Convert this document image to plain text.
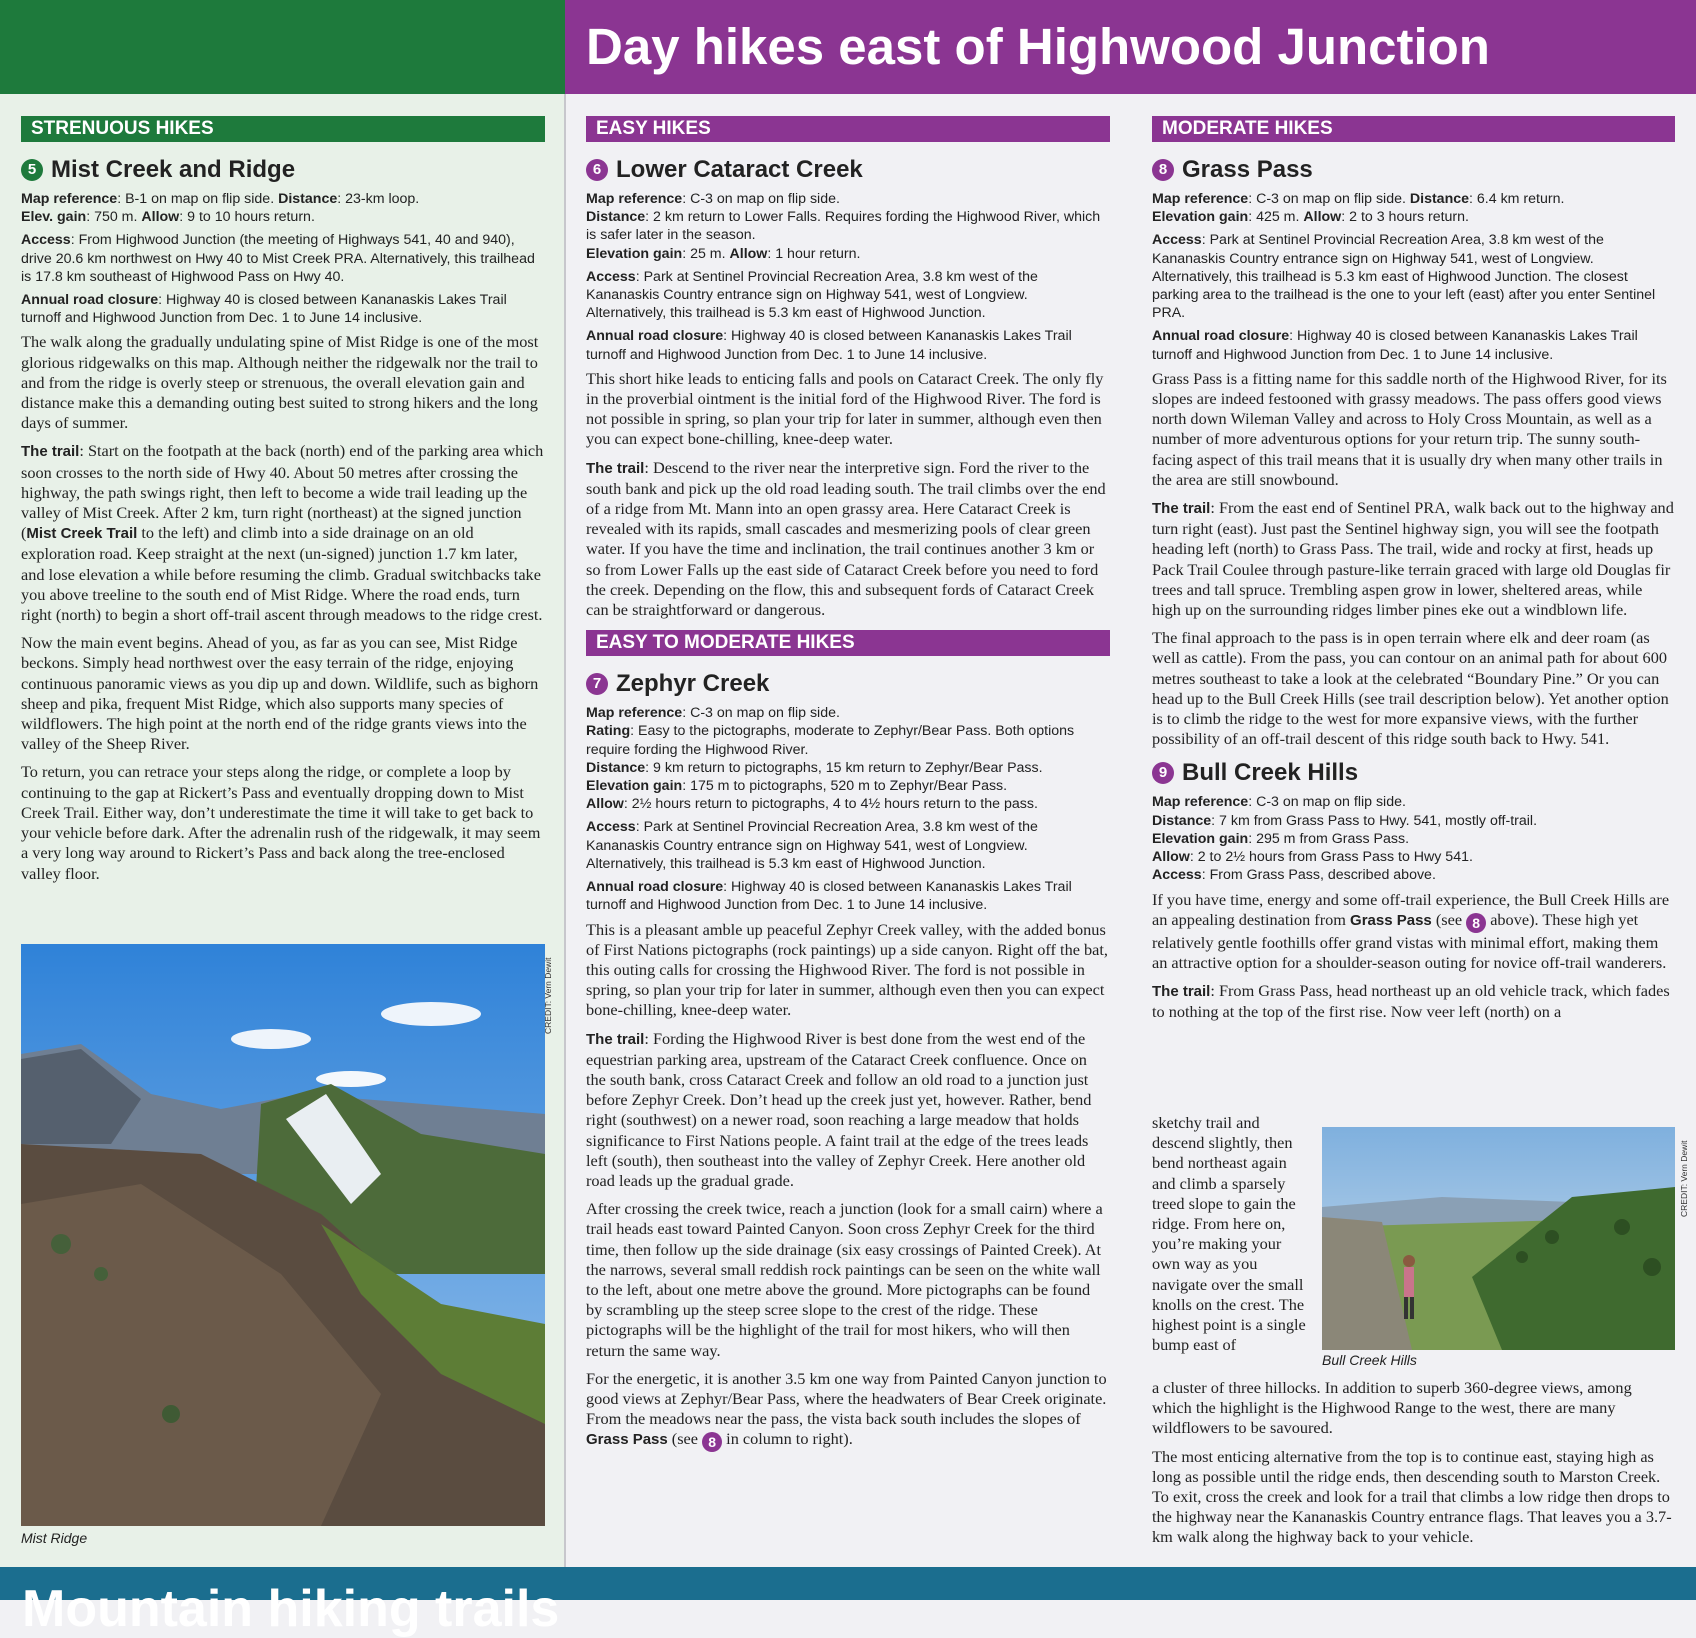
Day hikes east of Highwood Junction
STRENUOUS HIKES
5 Mist Creek and Ridge

Map reference: B-1 on map on flip side. Distance: 23-km loop.
Elev. gain: 750 m. Allow: 9 to 10 hours return.

Access: From Highwood Junction (the meeting of Highways 541, 40 and 940), drive 20.6 km northwest on Hwy 40 to Mist Creek PRA. Alternatively, this trailhead is 17.8 km southeast of Highwood Pass on Hwy 40.

Annual road closure: Highway 40 is closed between Kananaskis Lakes Trail turnoff and Highwood Junction from Dec. 1 to June 14 inclusive.

The walk along the gradually undulating spine of Mist Ridge is one of the most glorious ridgewalks on this map. Although neither the ridgewalk nor the trail to and from the ridge is overly steep or strenuous, the overall elevation gain and distance make this a demanding outing best suited to strong hikers and the long days of summer.

The trail: Start on the footpath at the back (north) end of the parking area which soon crosses to the north side of Hwy 40. About 50 metres after crossing the highway, the path swings right, then left to become a wide trail leading up the valley of Mist Creek. After 2 km, turn right (northeast) at the signed junction (Mist Creek Trail to the left) and climb into a side drainage on an old exploration road. Keep straight at the next (un-signed) junction 1.7 km later, and lose elevation a while before resuming the climb. Gradual switchbacks take you above treeline to the south end of Mist Ridge. Where the road ends, turn right (north) to begin a short off-trail ascent through meadows to the ridge crest.

Now the main event begins. Ahead of you, as far as you can see, Mist Ridge beckons. Simply head northwest over the easy terrain of the ridge, enjoying continuous panoramic views as you dip up and down. Wildlife, such as bighorn sheep and pika, frequent Mist Ridge, which also supports many species of wildflowers. The high point at the north end of the ridge grants views into the valley of the Sheep River.

To return, you can retrace your steps along the ridge, or complete a loop by continuing to the gap at Rickert’s Pass and eventually dropping down to Mist Creek Trail. Either way, don’t underestimate the time it will take to get back to your vehicle before dark. After the adrenalin rush of the ridgewalk, it may seem a very long way around to Rickert’s Pass and back along the tree-enclosed valley floor.

CREDIT: Vern Dewit
Mist Ridge
EASY HIKES
6 Lower Cataract Creek

Map reference: C-3 on map on flip side.
Distance: 2 km return to Lower Falls. Requires fording the Highwood River, which is safer later in the season.
Elevation gain: 25 m. Allow: 1 hour return.

Access: Park at Sentinel Provincial Recreation Area, 3.8 km west of the Kananaskis Country entrance sign on Highway 541, west of Longview. Alternatively, this trailhead is 5.3 km east of Highwood Junction.

Annual road closure: Highway 40 is closed between Kananaskis Lakes Trail turnoff and Highwood Junction from Dec. 1 to June 14 inclusive.

This short hike leads to enticing falls and pools on Cataract Creek. The only fly in the proverbial ointment is the initial ford of the Highwood River. The ford is not possible in spring, so plan your trip for later in summer, although even then you can expect bone-chilling, knee-deep water.

The trail: Descend to the river near the interpretive sign. Ford the river to the south bank and pick up the old road leading south. The trail climbs over the end of a ridge from Mt. Mann into an open grassy area. Here Cataract Creek is revealed with its rapids, small cascades and mesmerizing pools of clear green water. If you have the time and inclination, the trail continues another 3 km or so from Lower Falls up the east side of Cataract Creek before you need to ford the creek. Depending on the flow, this and subsequent fords of Cataract Creek can be straightforward or dangerous.

EASY TO MODERATE HIKES
7 Zephyr Creek

Map reference: C-3 on map on flip side.
Rating: Easy to the pictographs, moderate to Zephyr/Bear Pass. Both options require fording the Highwood River.
Distance: 9 km return to pictographs, 15 km return to Zephyr/Bear Pass.
Elevation gain: 175 m to pictographs, 520 m to Zephyr/Bear Pass.
Allow: 2½ hours return to pictographs, 4 to 4½ hours return to the pass.

Access: Park at Sentinel Provincial Recreation Area, 3.8 km west of the Kananaskis Country entrance sign on Highway 541, west of Longview. Alternatively, this trailhead is 5.3 km east of Highwood Junction.

Annual road closure: Highway 40 is closed between Kananaskis Lakes Trail turnoff and Highwood Junction from Dec. 1 to June 14 inclusive.

This is a pleasant amble up peaceful Zephyr Creek valley, with the added bonus of First Nations pictographs (rock paintings) up a side canyon. Right off the bat, this outing calls for crossing the Highwood River. The ford is not possible in spring, so plan your trip for later in summer, although even then you can expect bone-chilling, knee-deep water.

The trail: Fording the Highwood River is best done from the west end of the equestrian parking area, upstream of the Cataract Creek confluence. Once on the south bank, cross Cataract Creek and follow an old road to a junction just before Zephyr Creek. Don’t head up the creek just yet, however. Rather, bend right (southwest) on a newer road, soon reaching a large meadow that holds significance to First Nations people. A faint trail at the edge of the trees leads left (south), then southeast into the valley of Zephyr Creek. Here another old road leads up the gradual grade.

After crossing the creek twice, reach a junction (look for a small cairn) where a trail heads east toward Painted Canyon. Soon cross Zephyr Creek for the third time, then follow up the side drainage (six easy crossings of Painted Creek). At the narrows, several small reddish rock paintings can be seen on the white wall to the left, about one metre above the ground. More pictographs can be found by scrambling up the steep scree slope to the crest of the ridge. These pictographs will be the highlight of the trail for most hikers, who will then return the same way.

For the energetic, it is another 3.5 km one way from Painted Canyon junction to good views at Zephyr/Bear Pass, where the headwaters of Bear Creek originate. From the meadows near the pass, the vista back south includes the slopes of Grass Pass (see 8 in column to right).

MODERATE HIKES
8 Grass Pass

Map reference: C-3 on map on flip side. Distance: 6.4 km return.
Elevation gain: 425 m. Allow: 2 to 3 hours return.

Access: Park at Sentinel Provincial Recreation Area, 3.8 km west of the Kananaskis Country entrance sign on Highway 541, west of Longview. Alternatively, this trailhead is 5.3 km east of Highwood Junction. The closest parking area to the trailhead is the one to your left (east) after you enter Sentinel PRA.

Annual road closure: Highway 40 is closed between Kananaskis Lakes Trail turnoff and Highwood Junction from Dec. 1 to June 14 inclusive.

Grass Pass is a fitting name for this saddle north of the Highwood River, for its slopes are indeed festooned with grassy meadows. The pass offers good views north down Wileman Valley and across to Holy Cross Mountain, as well as a number of more adventurous options for your return trip. The sunny south-facing aspect of this trail means that it is usually dry when many other trails in the area are still snowbound.

The trail: From the east end of Sentinel PRA, walk back out to the highway and turn right (east). Just past the Sentinel highway sign, you will see the footpath heading left (north) to Grass Pass. The trail, wide and rocky at first, heads up Pack Trail Coulee through pasture-like terrain graced with large old Douglas fir trees and tall spruce. Trembling aspen grow in lower, sheltered areas, while high up on the surrounding ridges limber pines eke out a windblown life.

The final approach to the pass is in open terrain where elk and deer roam (as well as cattle). From the pass, you can contour on an animal path for about 600 metres southeast to take a look at the celebrated “Boundary Pine.” Or you can head up to the Bull Creek Hills (see trail description below). Yet another option is to climb the ridge to the west for more expansive views, with the further possibility of an off-trail descent of this ridge south back to Hwy. 541.

9 Bull Creek Hills

Map reference: C-3 on map on flip side.
Distance: 7 km from Grass Pass to Hwy. 541, mostly off-trail.
Elevation gain: 295 m from Grass Pass.
Allow: 2 to 2½ hours from Grass Pass to Hwy 541.
Access: From Grass Pass, described above.

If you have time, energy and some off-trail experience, the Bull Creek Hills are an appealing destination from Grass Pass (see 8 above). These high yet relatively gentle foothills offer grand vistas with minimal effort, making them an attractive option for a shoulder-season outing for novice off-trail wanderers.

The trail: From Grass Pass, head northeast up an old vehicle track, which fades to nothing at the top of the first rise. Now veer left (north) on a

sketchy trail and descend slightly, then bend northeast again and climb a sparsely treed slope to gain the ridge. From here on, you’re making your own way as you navigate over the small knolls on the crest. The highest point is a single bump east of

a cluster of three hillocks. In addition to superb 360-degree views, among which the highlight is the Highwood Range to the west, there are many wildflowers to be savoured.

The most enticing alternative from the top is to continue east, staying high as long as possible until the ridge ends, then descending south to Marston Creek. To exit, cross the creek and look for a trail that climbs a low ridge then drops to the highway near the Kananaskis Country entrance flags. That leaves you a 3.7-km walk along the highway back to your vehicle.

CREDIT: Vern Dewit
Bull Creek Hills
Mountain hiking trails
